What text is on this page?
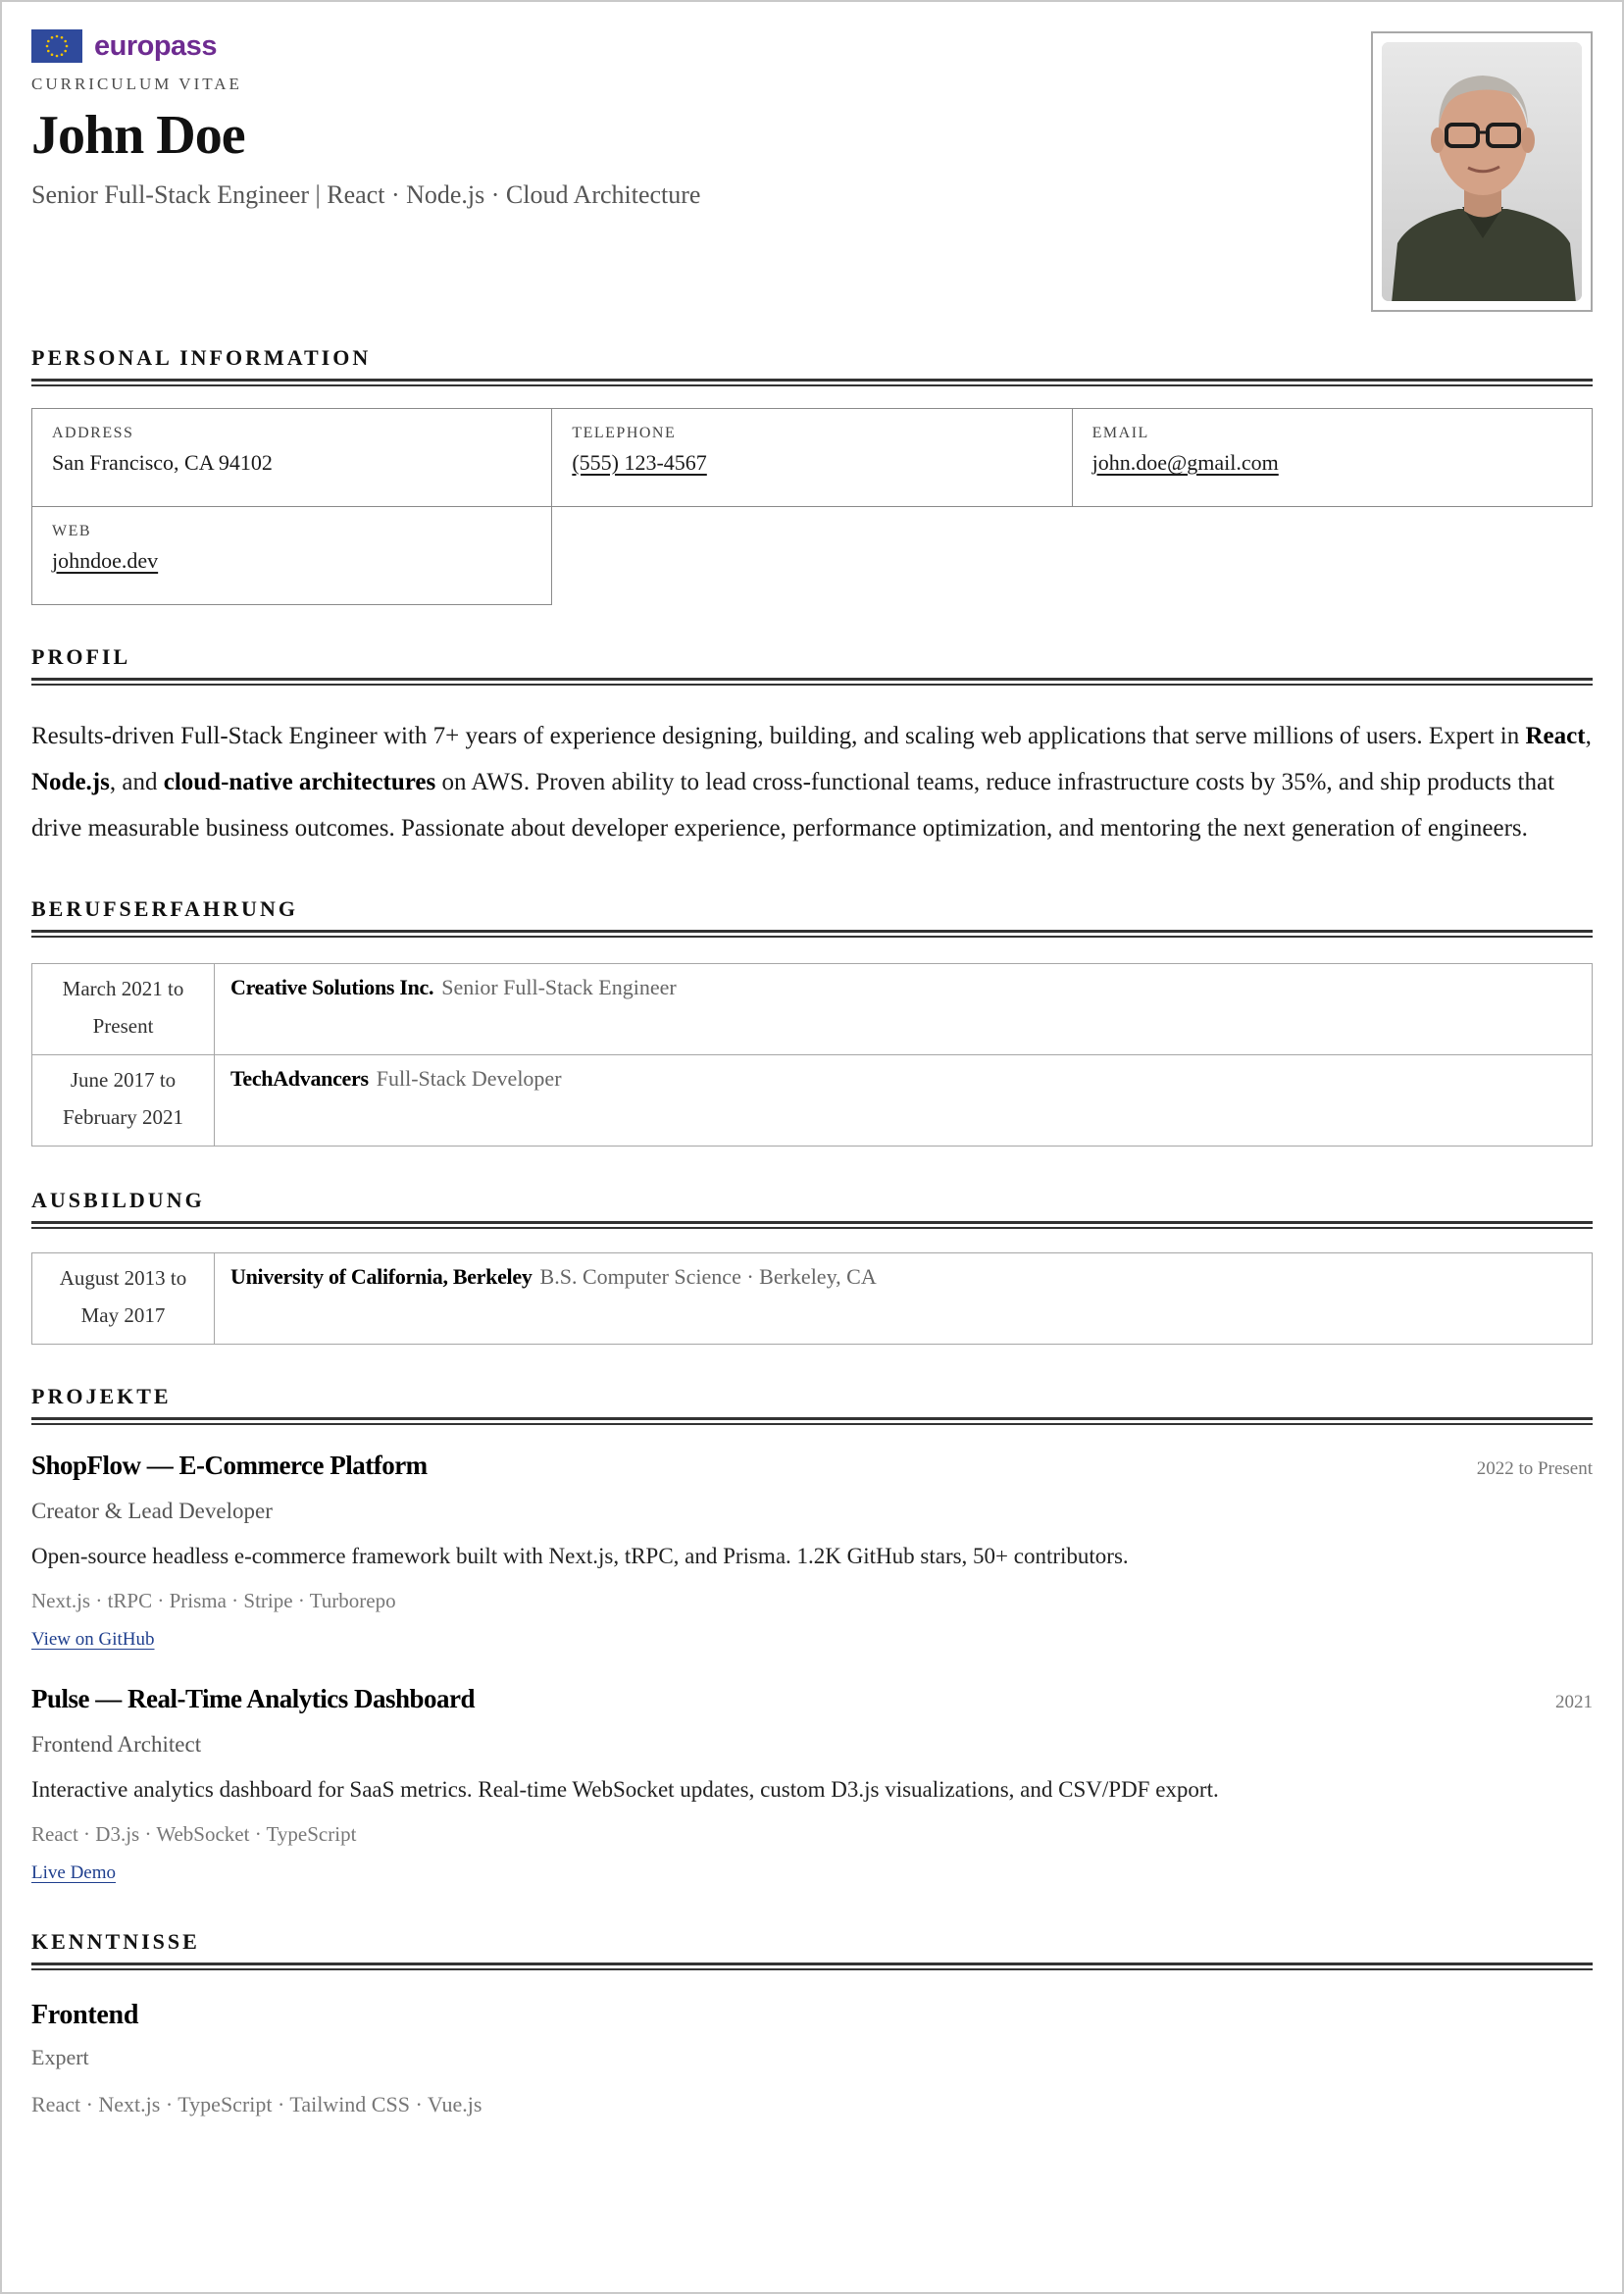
europass
CURRICULUM VITAE
John Doe
Senior Full-Stack Engineer | React · Node.js · Cloud Architecture
PERSONAL INFORMATION
ADDRESS
San Francisco, CA 94102
TELEPHONE
(555) 123-4567
EMAIL
john.doe@gmail.com
WEB
johndoe.dev
PROFIL
Results-driven Full-Stack Engineer with 7+ years of experience designing, building, and scaling web applications that serve millions of users. Expert in React, Node.js, and cloud-native architectures on AWS. Proven ability to lead cross-functional teams, reduce infrastructure costs by 35%, and ship products that drive measurable business outcomes. Passionate about developer experience, performance optimization, and mentoring the next generation of engineers.
BERUFSERFAHRUNG
March 2021 to
Present	Creative Solutions Inc. Senior Full-Stack Engineer
June 2017 to
February 2021	TechAdvancers Full-Stack Developer
AUSBILDUNG
August 2013 to
May 2017	University of California, Berkeley B.S. Computer Science · Berkeley, CA
PROJEKTE
ShopFlow — E-Commerce Platform	2022 to Present
Creator & Lead Developer
Open-source headless e-commerce framework built with Next.js, tRPC, and Prisma. 1.2K GitHub stars, 50+ contributors.
Next.js · tRPC · Prisma · Stripe · Turborepo
View on GitHub
Pulse — Real-Time Analytics Dashboard	2021
Frontend Architect
Interactive analytics dashboard for SaaS metrics. Real-time WebSocket updates, custom D3.js visualizations, and CSV/PDF export.
React · D3.js · WebSocket · TypeScript
Live Demo
KENNTNISSE
Frontend
Expert
React · Next.js · TypeScript · Tailwind CSS · Vue.js
